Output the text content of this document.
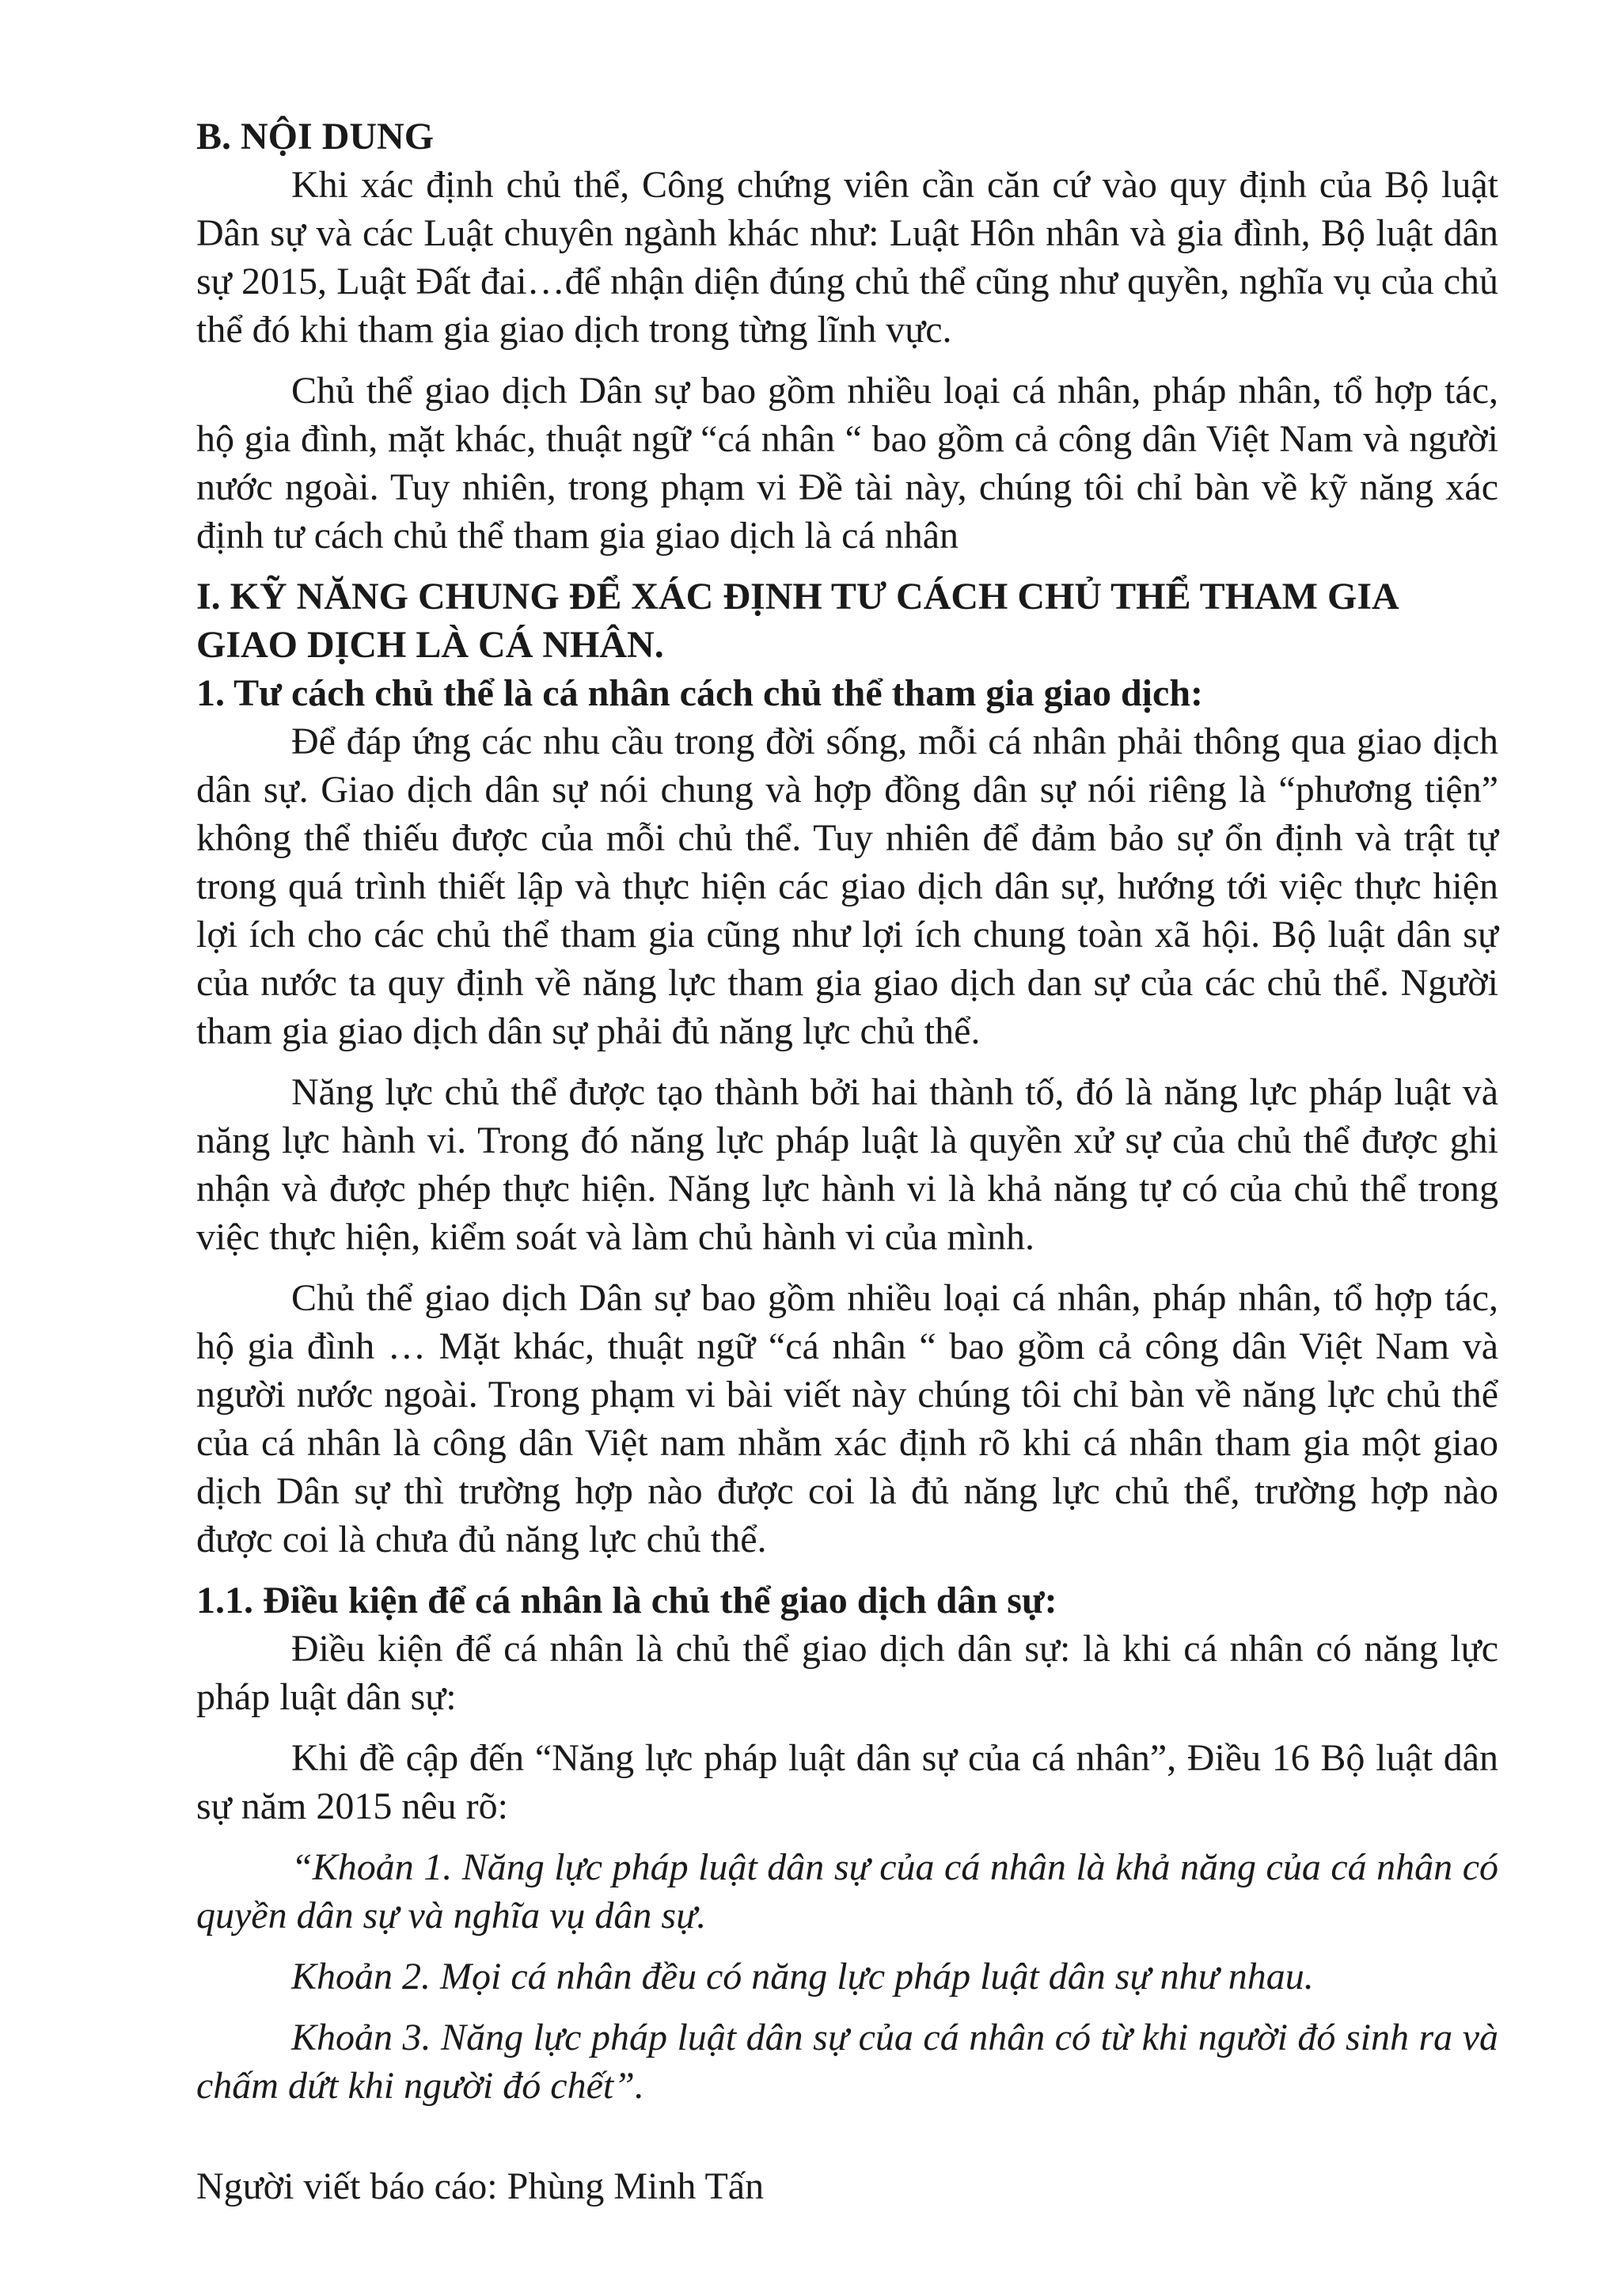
B. NỘI DUNG

Khi xác định chủ thể, Công chứng viên cần căn cứ vào quy định của Bộ luật Dân sự và các Luật chuyên ngành khác như: Luật Hôn nhân và gia đình, Bộ luật dân sự 2015, Luật Đất đai…để nhận diện đúng chủ thể cũng như quyền, nghĩa vụ của chủ thể đó khi tham gia giao dịch trong từng lĩnh vực.

Chủ thể giao dịch Dân sự bao gồm nhiều loại cá nhân, pháp nhân, tổ hợp tác, hộ gia đình, mặt khác, thuật ngữ “cá nhân “ bao gồm cả công dân Việt Nam và người nước ngoài. Tuy nhiên, trong phạm vi Đề tài này, chúng tôi chỉ bàn về kỹ năng xác định tư cách chủ thể tham gia giao dịch là cá nhân

I. KỸ NĂNG CHUNG ĐỂ XÁC ĐỊNH TƯ CÁCH CHỦ THỂ THAM GIA GIAO DỊCH LÀ CÁ NHÂN.

1. Tư cách chủ thể là cá nhân cách chủ thể tham gia giao dịch:

Để đáp ứng các nhu cầu trong đời sống, mỗi cá nhân phải thông qua giao dịch dân sự. Giao dịch dân sự nói chung và hợp đồng dân sự nói riêng là “phương tiện” không thể thiếu được của mỗi chủ thể. Tuy nhiên để đảm bảo sự ổn định và trật tự trong quá trình thiết lập và thực hiện các giao dịch dân sự, hướng tới việc thực hiện lợi ích cho các chủ thể tham gia cũng như lợi ích chung toàn xã hội. Bộ luật dân sự của nước ta quy định về năng lực tham gia giao dịch dan sự của các chủ thể. Người tham gia giao dịch dân sự phải đủ năng lực chủ thể.

Năng lực chủ thể được tạo thành bởi hai thành tố, đó là năng lực pháp luật và năng lực hành vi. Trong đó năng lực pháp luật là quyền xử sự của chủ thể được ghi nhận và được phép thực hiện. Năng lực hành vi là khả năng tự có của chủ thể trong việc thực hiện, kiểm soát và làm chủ hành vi của mình.

Chủ thể giao dịch Dân sự bao gồm nhiều loại cá nhân, pháp nhân, tổ hợp tác, hộ gia đình … Mặt khác, thuật ngữ “cá nhân “ bao gồm cả công dân Việt Nam và người nước ngoài. Trong phạm vi bài viết này chúng tôi chỉ bàn về năng lực chủ thể của cá nhân là công dân Việt nam nhằm xác định rõ khi cá nhân tham gia một giao dịch Dân sự thì trường hợp nào được coi là đủ năng lực chủ thể, trường hợp nào được coi là chưa đủ năng lực chủ thể.

1.1. Điều kiện để cá nhân là chủ thể giao dịch dân sự:

Điều kiện để cá nhân là chủ thể giao dịch dân sự: là khi cá nhân có năng lực pháp luật dân sự:

Khi đề cập đến “Năng lực pháp luật dân sự của cá nhân”, Điều 16 Bộ luật dân sự năm 2015 nêu rõ:

“Khoản 1. Năng lực pháp luật dân sự của cá nhân là khả năng của cá nhân có quyền dân sự và nghĩa vụ dân sự.

Khoản 2. Mọi cá nhân đều có năng lực pháp luật dân sự như nhau.

Khoản 3. Năng lực pháp luật dân sự của cá nhân có từ khi người đó sinh ra và chấm dứt khi người đó chết”.

Người viết báo cáo: Phùng Minh Tấn
